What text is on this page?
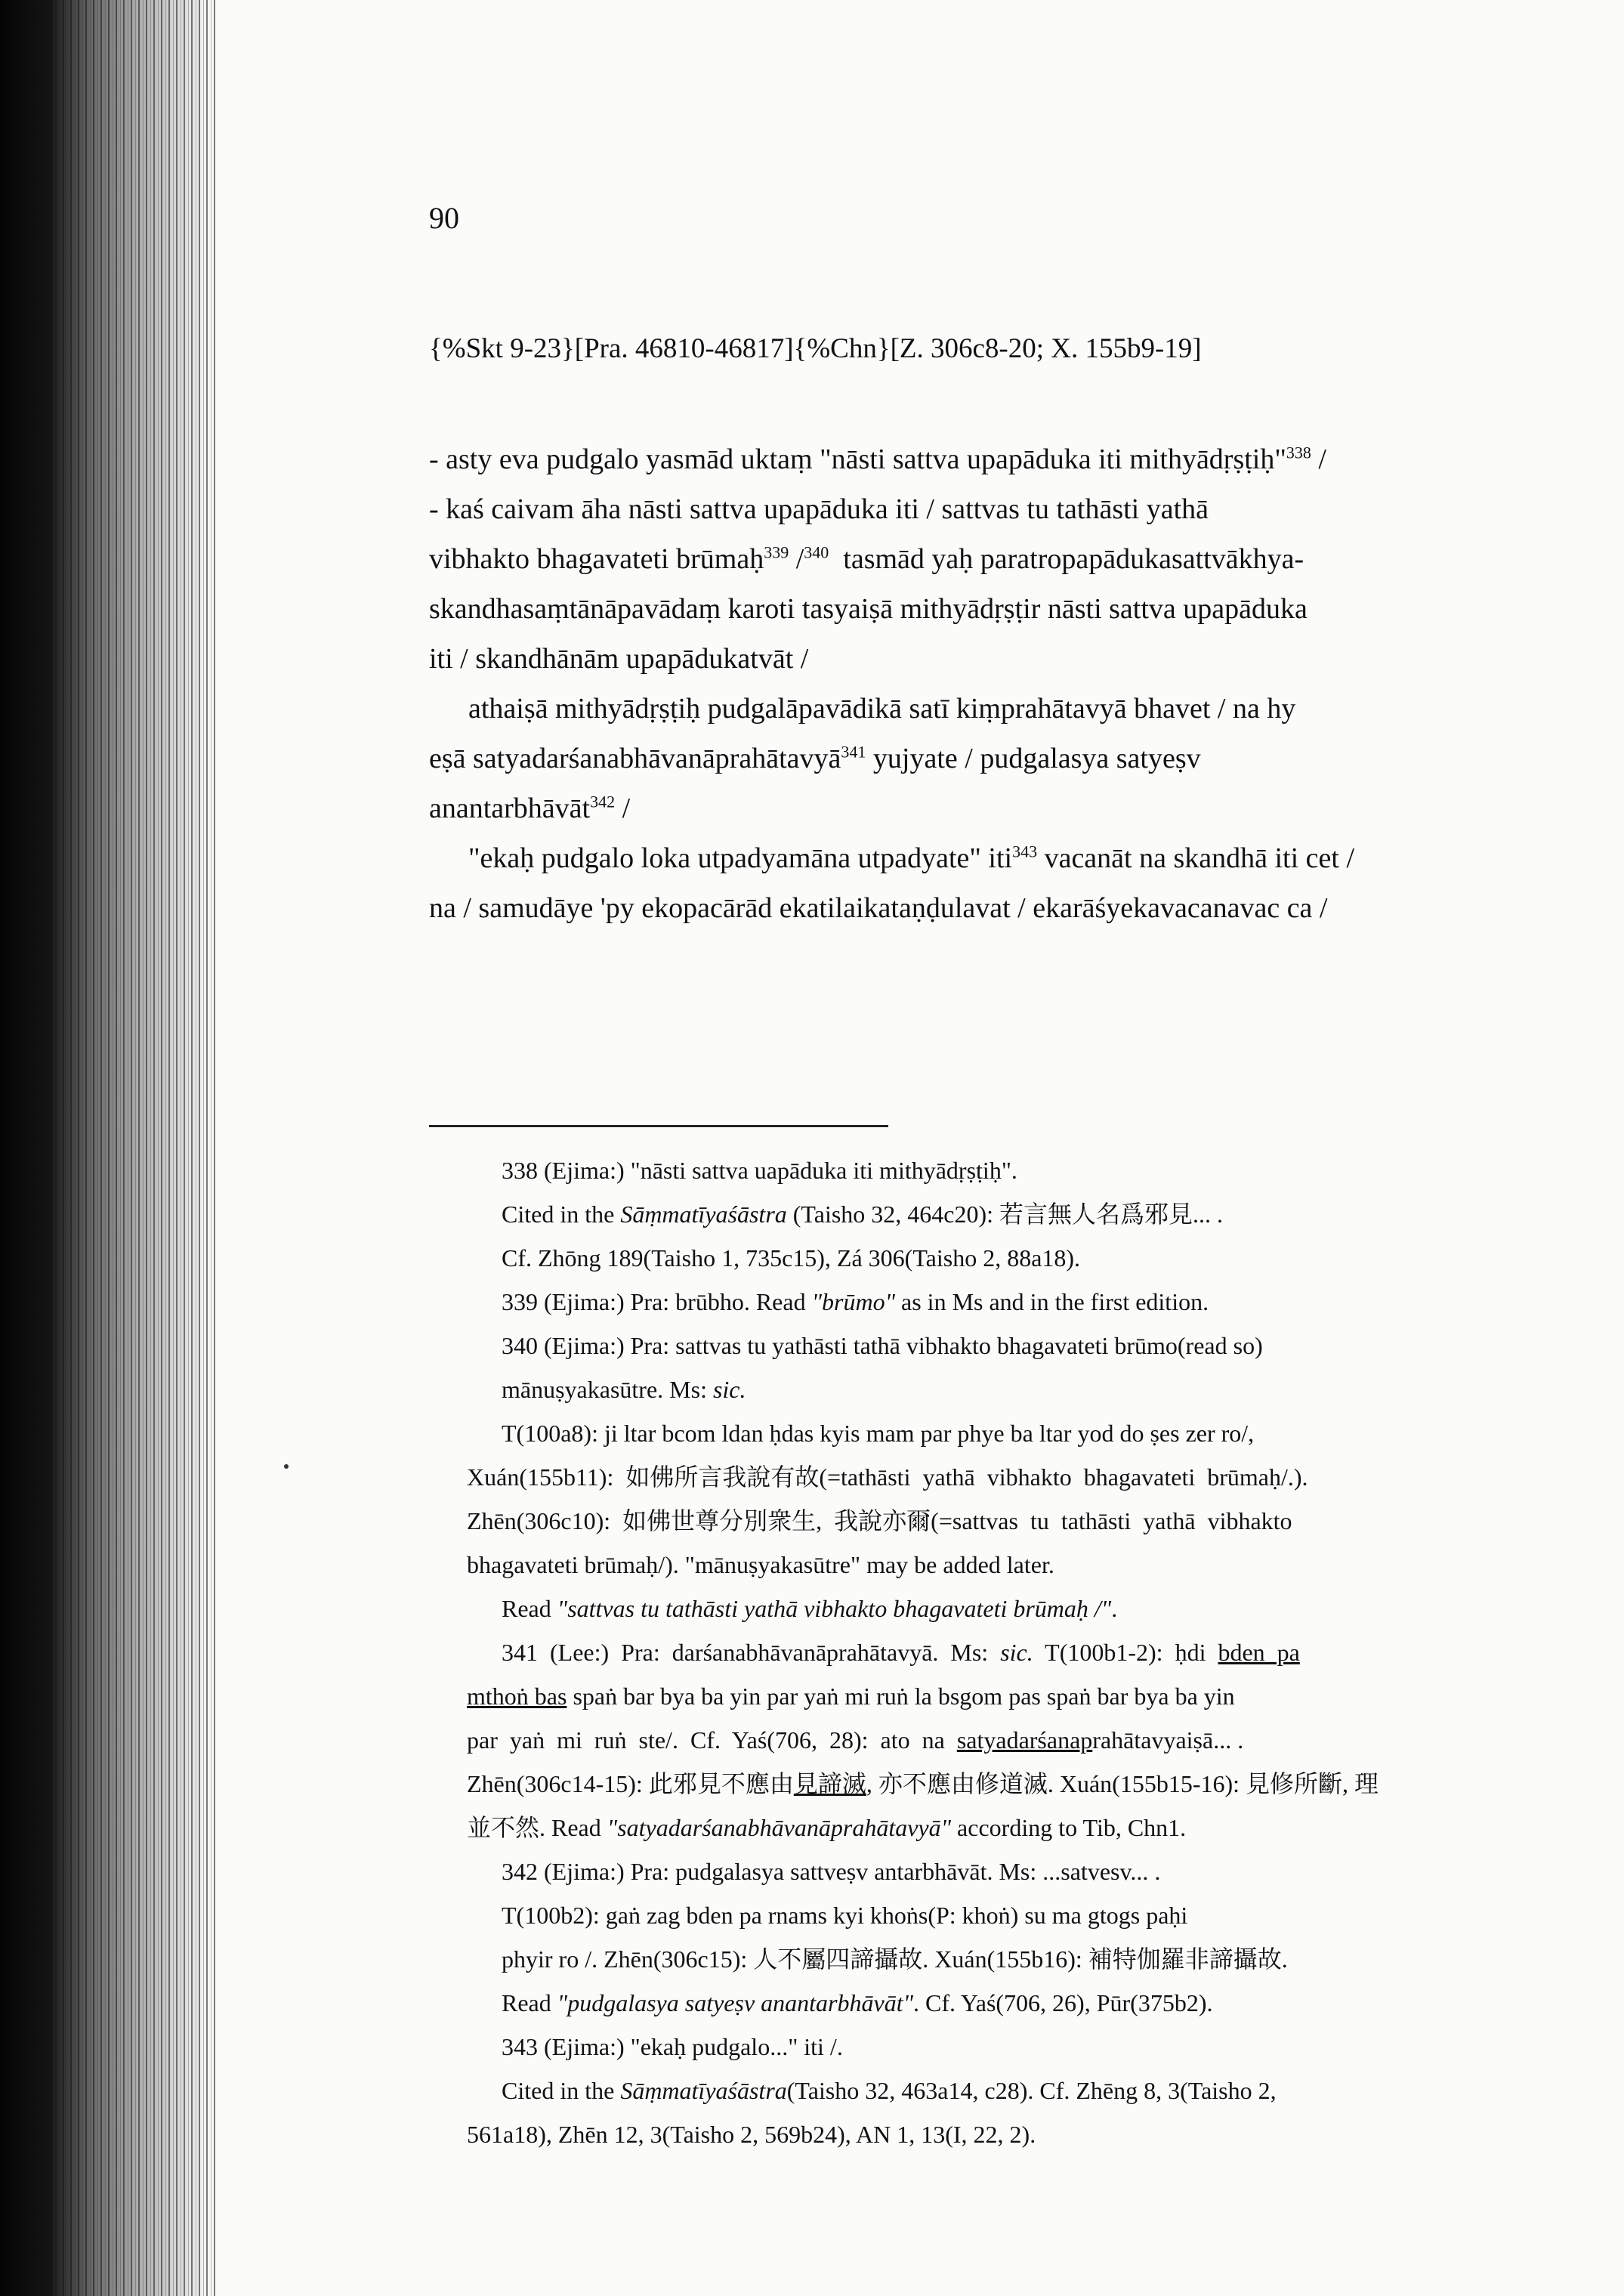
90
{%Skt 9-23}[Pra. 46810-46817]{%Chn}[Z. 306c8-20; X. 155b9-19]

- asty eva pudgalo yasmād uktaṃ "nāsti sattva upapāduka iti mithyādṛṣṭiḥ"$^{338}$ /

- kaś caivam āha nāsti sattva upapāduka iti / sattvas tu tathāsti yathā

vibhakto bhagavateti brūmaḥ$^{339}$ /$^{340}$  tasmād yaḥ paratropapādukasattvākhya-

skandhasaṃtānāpavādaṃ karoti tasyaiṣā mithyādṛṣṭir nāsti sattva upapāduka

iti / skandhānām upapādukatvāt /

athaiṣā mithyādṛṣṭiḥ pudgalāpavādikā satī kiṃprahātavyā bhavet / na hy

eṣā satyadarśanabhāvanāprahātavyā$^{341}$ yujyate / pudgalasya satyeṣv

anantarbhāvāt$^{342}$ /

"ekaḥ pudgalo loka utpadyamāna utpadyate" iti$^{343}$ vacanāt na skandhā iti cet /

na / samudāye 'py ekopacārād ekatilaikataṇḍulavat / ekarāśyekavacanavac ca /

338 (Ejima:) "nāsti sattva uapāduka iti mithyādṛṣṭiḥ".

Cited in the Sāṃmatīyaśāstra (Taisho 32, 464c20): 若言無人名爲邪見... .

Cf. Zhōng 189(Taisho 1, 735c15), Zá 306(Taisho 2, 88a18).

339 (Ejima:) Pra: brūbho. Read "brūmo" as in Ms and in the first edition.

340 (Ejima:) Pra: sattvas tu yathāsti tathā vibhakto bhagavateti brūmo(read so)

mānuṣyakasūtre. Ms: sic.

T(100a8): ji ltar bcom ldan ḥdas kyis mam par phye ba ltar yod do ṣes zer ro/,

Xuán(155b11):  如佛所言我說有故(=tathāsti  yathā  vibhakto  bhagavateti  brūmaḥ/.).

Zhēn(306c10):  如佛世尊分別衆生,  我說亦爾(=sattvas  tu  tathāsti  yathā  vibhakto

bhagavateti brūmaḥ/). "mānuṣyakasūtre" may be added later.

Read "sattvas tu tathāsti yathā vibhakto bhagavateti brūmaḥ /".

341  (Lee:)  Pra:  darśanabhāvanāprahātavyā.  Ms:  sic.  T(100b1-2):  ḥdi  bden  pa

mthoṅ bas spaṅ bar bya ba yin par yaṅ mi ruṅ la bsgom pas spaṅ bar bya ba yin

par  yaṅ  mi  ruṅ  ste/.  Cf.  Yaś(706,  28):  ato  na  satyadarśanaprahātavyaiṣā... .

Zhēn(306c14-15): 此邪見不應由見諦滅, 亦不應由修道滅. Xuán(155b15-16): 見修所斷, 理

並不然. Read "satyadarśanabhāvanāprahātavyā" according to Tib, Chn1.

342 (Ejima:) Pra: pudgalasya sattveṣv antarbhāvāt. Ms: ...satvesv... .

T(100b2): gaṅ zag bden pa rnams kyi khoṅs(P: khoṅ) su ma gtogs paḥi

phyir ro /. Zhēn(306c15): 人不屬四諦攝故. Xuán(155b16): 補特伽羅非諦攝故.

Read "pudgalasya satyeṣv anantarbhāvāt". Cf. Yaś(706, 26), Pūr(375b2).

343 (Ejima:) "ekaḥ pudgalo..." iti /.

Cited in the Sāṃmatīyaśāstra(Taisho 32, 463a14, c28). Cf. Zhēng 8, 3(Taisho 2,

561a18), Zhēn 12, 3(Taisho 2, 569b24), AN 1, 13(I, 22, 2).
